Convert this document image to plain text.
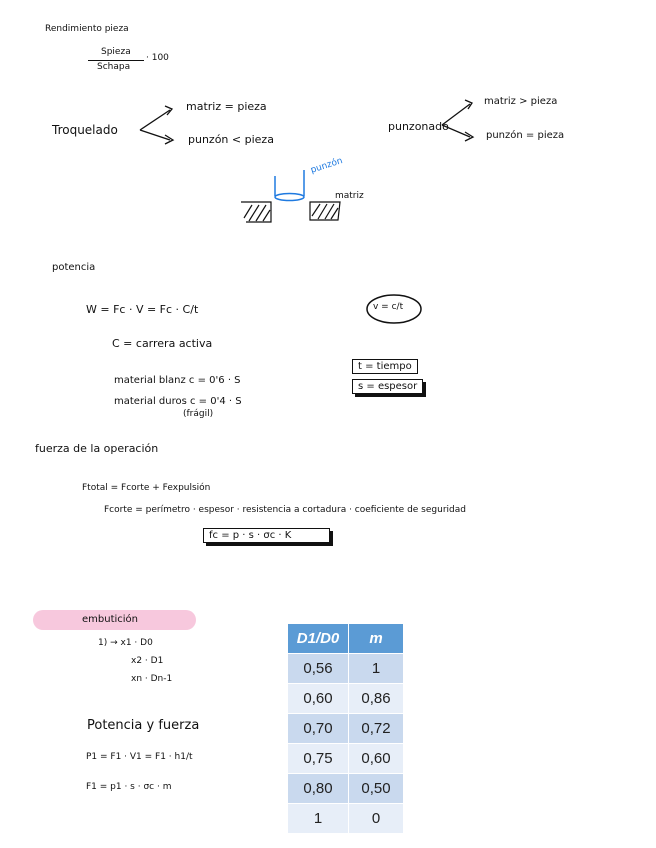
Rendimiento pieza
Spieza
Schapa
· 100
Troquelado
matriz = pieza
punzón < pieza
punzonado
matriz > pieza
punzón = pieza
punzón
matriz
potencia
W = Fc · V = Fc · C/t	v = c/t
C = carrera activa
material blanz c = 0'6 · S
material duros c = 0'4 · S
(frágil)
t = tiempo
s = espesor
fuerza de la operación
Ftotal = Fcorte + Fexpulsión
Fcorte = perímetro · espesor · resistencia a cortadura · coeficiente de seguridad
fc = p · s · σc · K
embutición
1) → x1 · D0
x2 · D1
xn · Dn-1
Potencia y fuerza
P1 = F1 · V1 = F1 · h1/t
F1 = p1 · s · σc · m
D1/D0	m
0,56	1
0,60	0,86
0,70	0,72
0,75	0,60
0,80	0,50
1	0
